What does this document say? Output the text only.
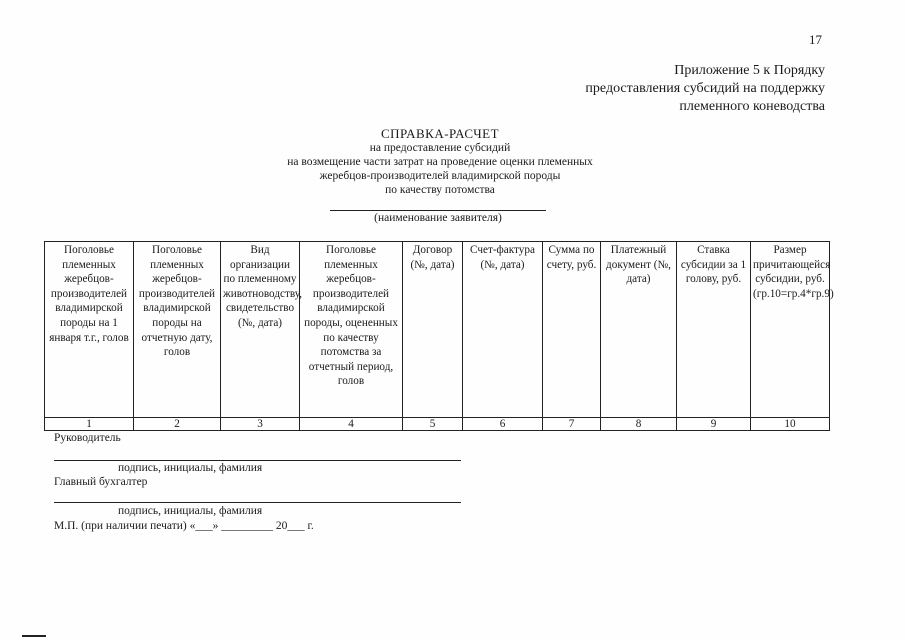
17
Приложение 5 к Порядку
предоставления субсидий на поддержку
племенного коневодства
СПРАВКА-РАСЧЕТ
на предоставление субсидий
на возмещение части затрат на проведение оценки племенных
жеребцов-производителей владимирской породы
по качеству потомства
(наименование заявителя)
Поголовье племенных жеребцов-производителей владимирской породы на 1 января т.г., голов	Поголовье племенных жеребцов-производителей владимирской породы на отчетную дату, голов	Вид организации по племенному животноводству, свидетельство (№, дата)	Поголовье племенных жеребцов-производителей владимирской породы, оцененных по качеству потомства за отчетный период, голов	Договор (№, дата)	Счет-фактура (№, дата)	Сумма по счету, руб.	Платежный документ (№, дата)	Ставка субсидии за 1 голову, руб.	Размер причитающейся субсидии, руб. (гр.10=гр.4*гр.9)
1	2	3	4	5	6	7	8	9	10
Руководитель
подпись, инициалы, фамилия
Главный бухгалтер
подпись, инициалы, фамилия
М.П. (при наличии печати) «___» _________ 20___ г.
